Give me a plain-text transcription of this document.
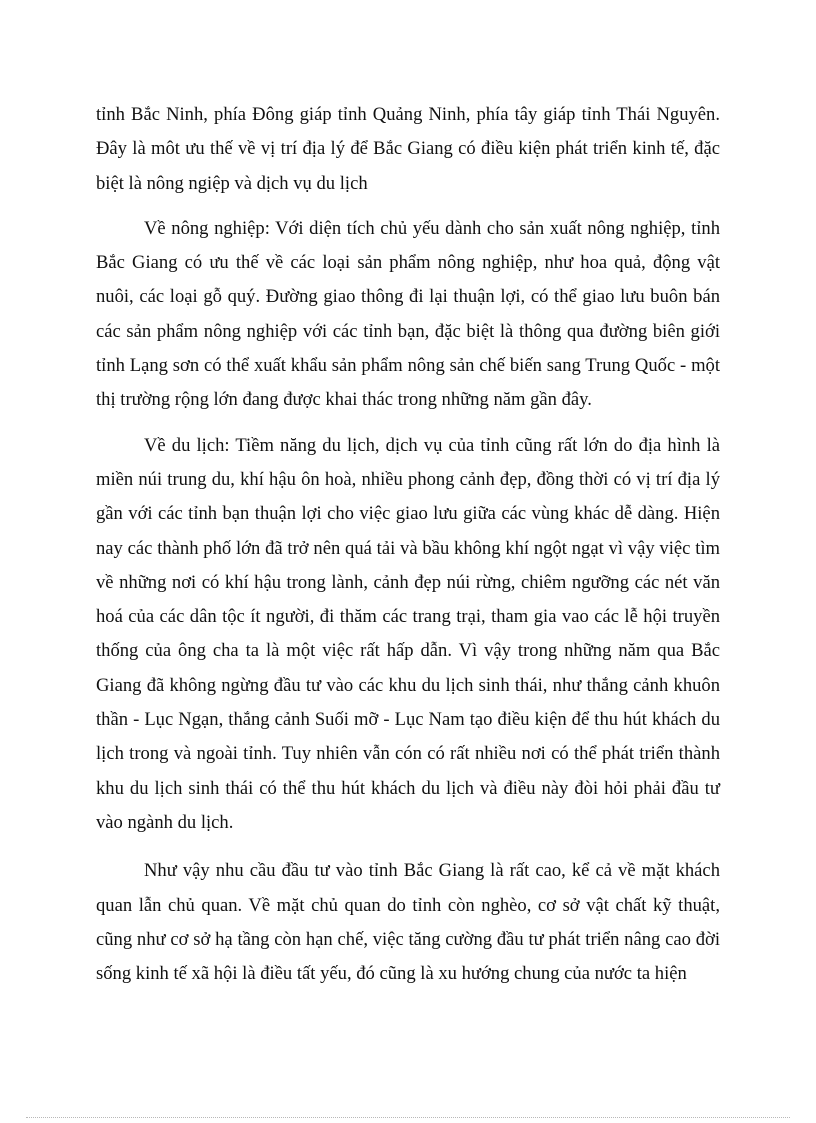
tỉnh Bắc Ninh, phía Đông giáp tỉnh Quảng Ninh, phía tây giáp tỉnh Thái Nguyên. Đây là môt ưu thế về vị trí địa lý để Bắc Giang có điều kiện phát triển kinh tế, đặc biệt là nông ngiệp và dịch vụ du lịch

Về nông nghiệp: Với diện tích chủ yếu dành cho sản xuất nông nghiệp, tỉnh Bắc Giang có ưu thế về các loại sản phẩm nông nghiệp, như hoa quả, động vật nuôi, các loại gỗ quý. Đường giao thông đi lại thuận lợi, có thể giao lưu buôn bán các sản phẩm nông nghiệp với các tỉnh bạn, đặc biệt là thông qua đường biên giới tỉnh Lạng sơn có thể xuất khẩu sản phẩm nông sản chế biến sang Trung Quốc - một thị trường rộng lớn đang được khai thác trong những năm gần đây.

Về du lịch: Tiềm năng du lịch, dịch vụ của tỉnh cũng rất lớn do địa hình là miền núi trung du, khí hậu ôn hoà, nhiều phong cảnh đẹp, đồng thời có vị trí địa lý gần với các tỉnh bạn thuận lợi cho việc giao lưu giữa các vùng khác dễ dàng. Hiện nay các thành phố lớn đã trở nên quá tải và bầu không khí ngột ngạt vì vậy việc tìm về những nơi có khí hậu trong lành, cảnh đẹp núi rừng, chiêm ngưỡng các nét văn hoá của các dân tộc ít người, đi thăm các trang trại, tham gia vao các lễ hội truyền thống của ông cha ta là một việc rất hấp dẫn. Vì vậy trong những năm qua Bắc Giang đã không ngừng đầu tư vào các khu du lịch sinh thái, như thắng cảnh khuôn thần - Lục Ngạn, thắng cảnh Suối mỡ - Lục Nam tạo điều kiện để thu hút khách du lịch trong và ngoài tỉnh. Tuy nhiên vẫn cón có rất nhiều nơi có thể phát triển thành khu du lịch sinh thái có thể thu hút khách du lịch và điều này đòi hỏi phải đầu tư vào ngành du lịch.

Như vậy nhu cầu đầu tư vào tỉnh Bắc Giang là rất cao, kể cả về mặt khách quan lẫn chủ quan. Về mặt chủ quan do tỉnh còn nghèo, cơ sở vật chất kỹ thuật, cũng như cơ sở hạ tầng còn hạn chế, việc tăng cường đầu tư phát triển nâng cao đời sống kinh tế xã hội là điều tất yếu, đó cũng là xu hướng chung của nước ta hiện
